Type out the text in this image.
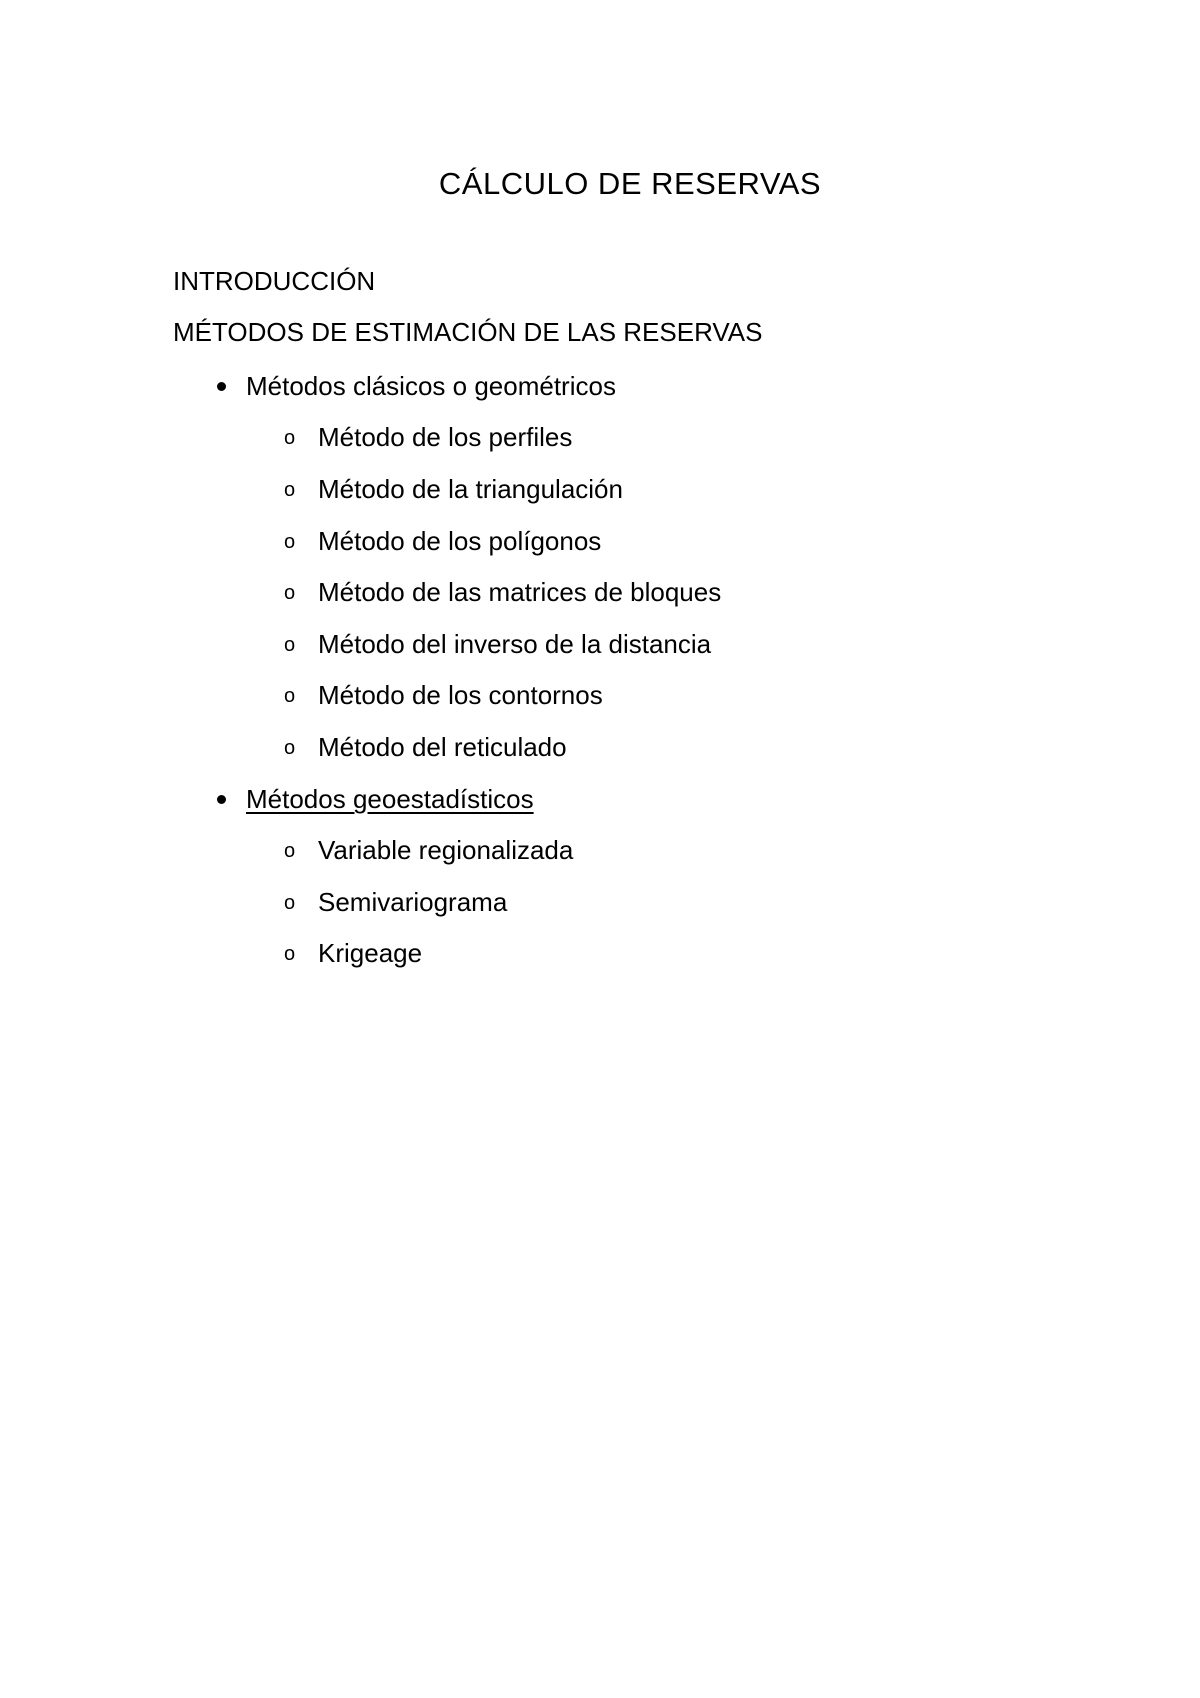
CÁLCULO DE RESERVAS
INTRODUCCIÓN
MÉTODOS DE ESTIMACIÓN DE LAS RESERVAS
Métodos clásicos o geométricos
o Método de los perfiles
o Método de la triangulación
o Método de los polígonos
o Método de las matrices de bloques
o Método del inverso de la distancia
o Método de los contornos
o Método del reticulado
Métodos geoestadísticos
o Variable regionalizada
o Semivariograma
o Krigeage
